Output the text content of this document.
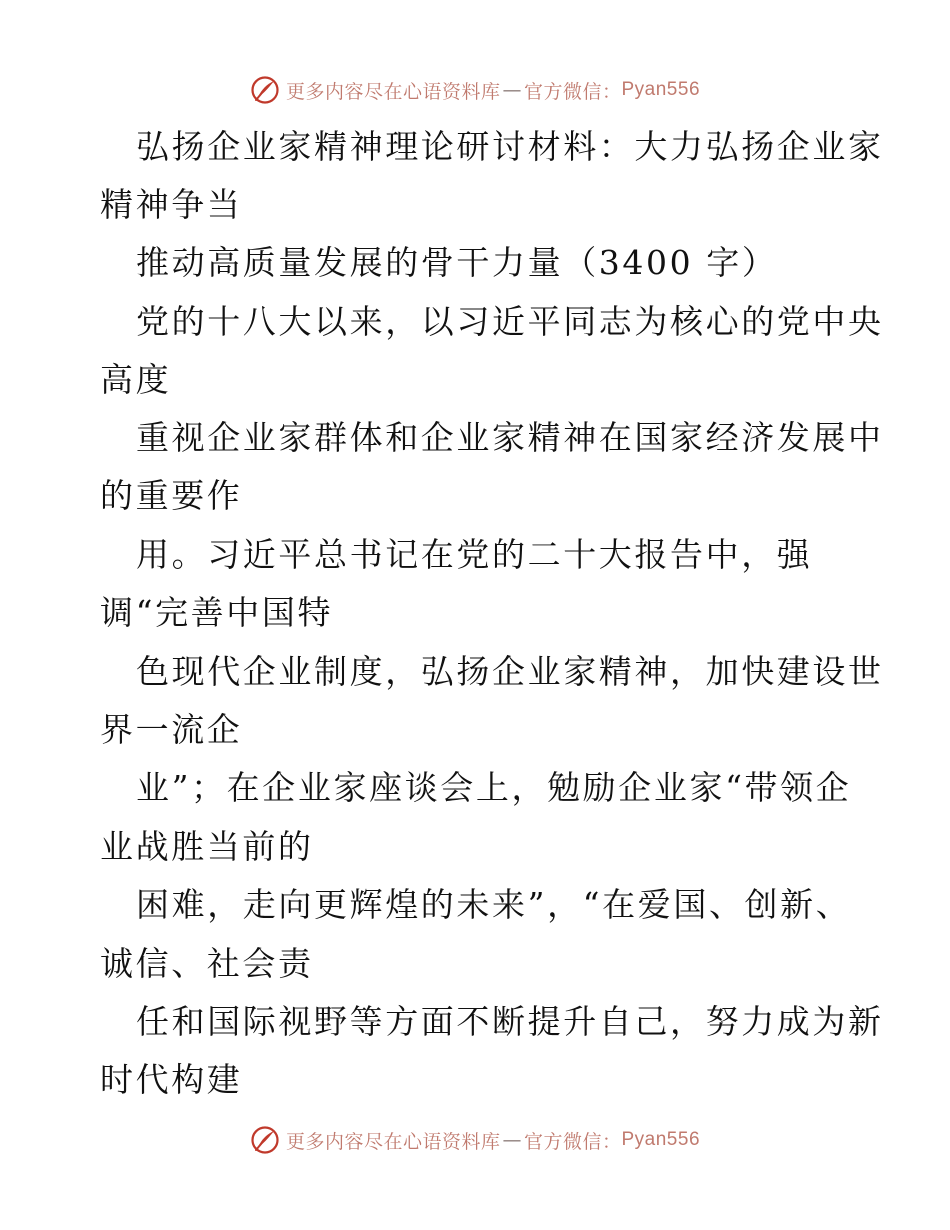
更多内容尽在心语资料库 — 官方微信： Pyan556
弘扬企业家精神理论研讨材料：大力弘扬企业家
精神争当
推动高质量发展的骨干力量（3400 字）
党的十八大以来，以习近平同志为核心的党中央
高度
重视企业家群体和企业家精神在国家经济发展中
的重要作
用。习近平总书记在党的二十大报告中，强
调“完善中国特
色现代企业制度，弘扬企业家精神，加快建设世
界一流企
业”；在企业家座谈会上，勉励企业家“带领企
业战胜当前的
困难，走向更辉煌的未来”，“在爱国、创新、
诚信、社会责
任和国际视野等方面不断提升自己，努力成为新
时代构建
更多内容尽在心语资料库 — 官方微信： Pyan556
